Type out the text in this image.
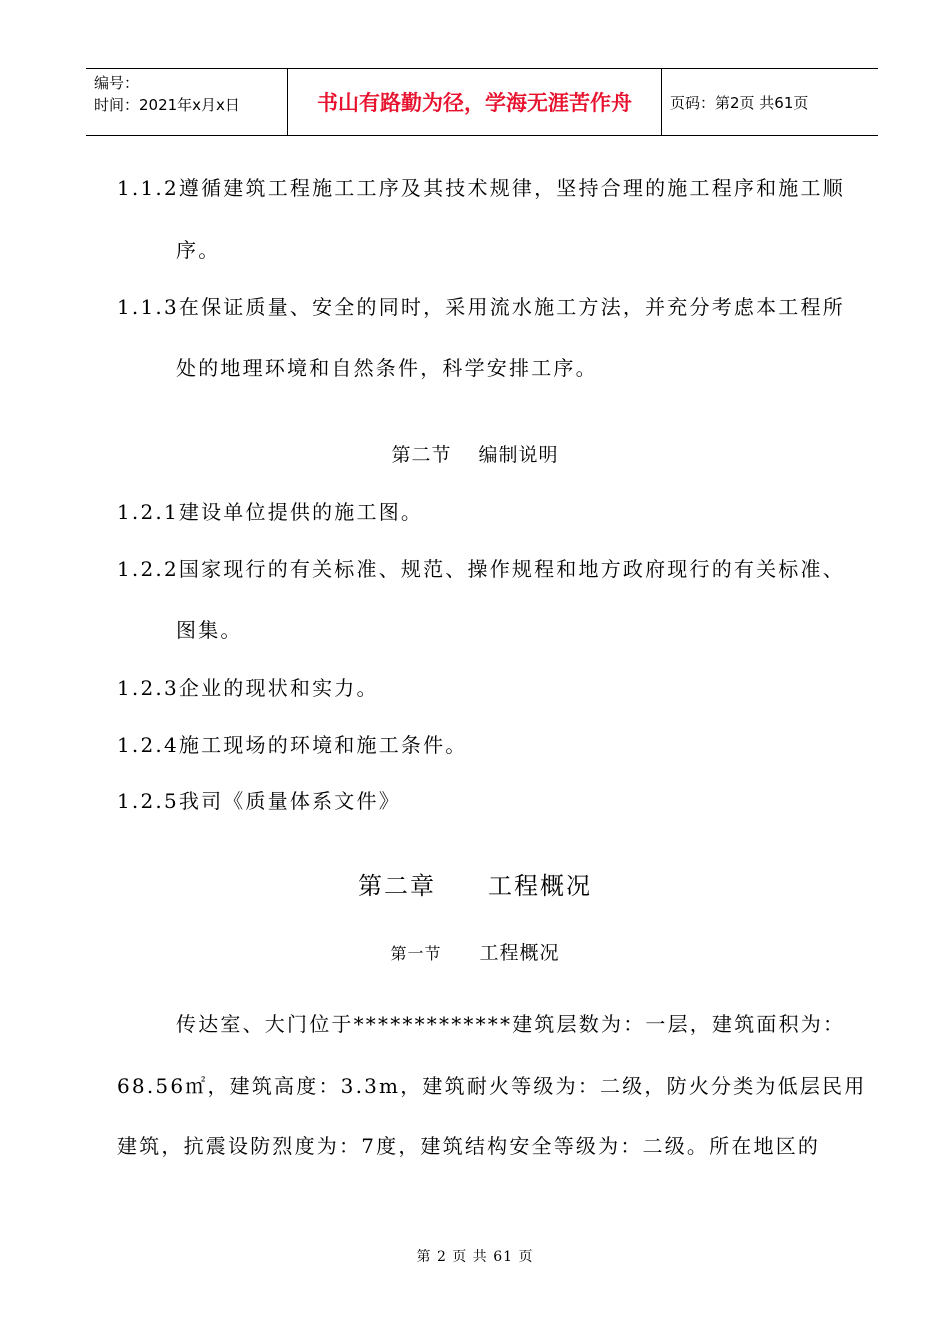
编号：
时间：2021年x月x日	书山有路勤为径，学海无涯苦作舟	页码：第2页 共61页
1.1.2遵循建筑工程施工工序及其技术规律，坚持合理的施工程序和施工顺
序。
1.1.3在保证质量、安全的同时，采用流水施工方法，并充分考虑本工程所
处的地理环境和自然条件，科学安排工序。
第二节　 编制说明
1.2.1建设单位提供的施工图。
1.2.2国家现行的有关标准、规范、操作规程和地方政府现行的有关标准、
图集。
1.2.3企业的现状和实力。
1.2.4施工现场的环境和施工条件。
1.2.5我司《质量体系文件》
第二章　　工程概况
第一节 工程概况
传达室、大门位于*************建筑层数为：一层，建筑面积为：
68.56㎡，建筑高度：3.3m，建筑耐火等级为：二级，防火分类为低层民用
建筑，抗震设防烈度为：7度，建筑结构安全等级为：二级。所在地区的
第 2 页 共 61 页
